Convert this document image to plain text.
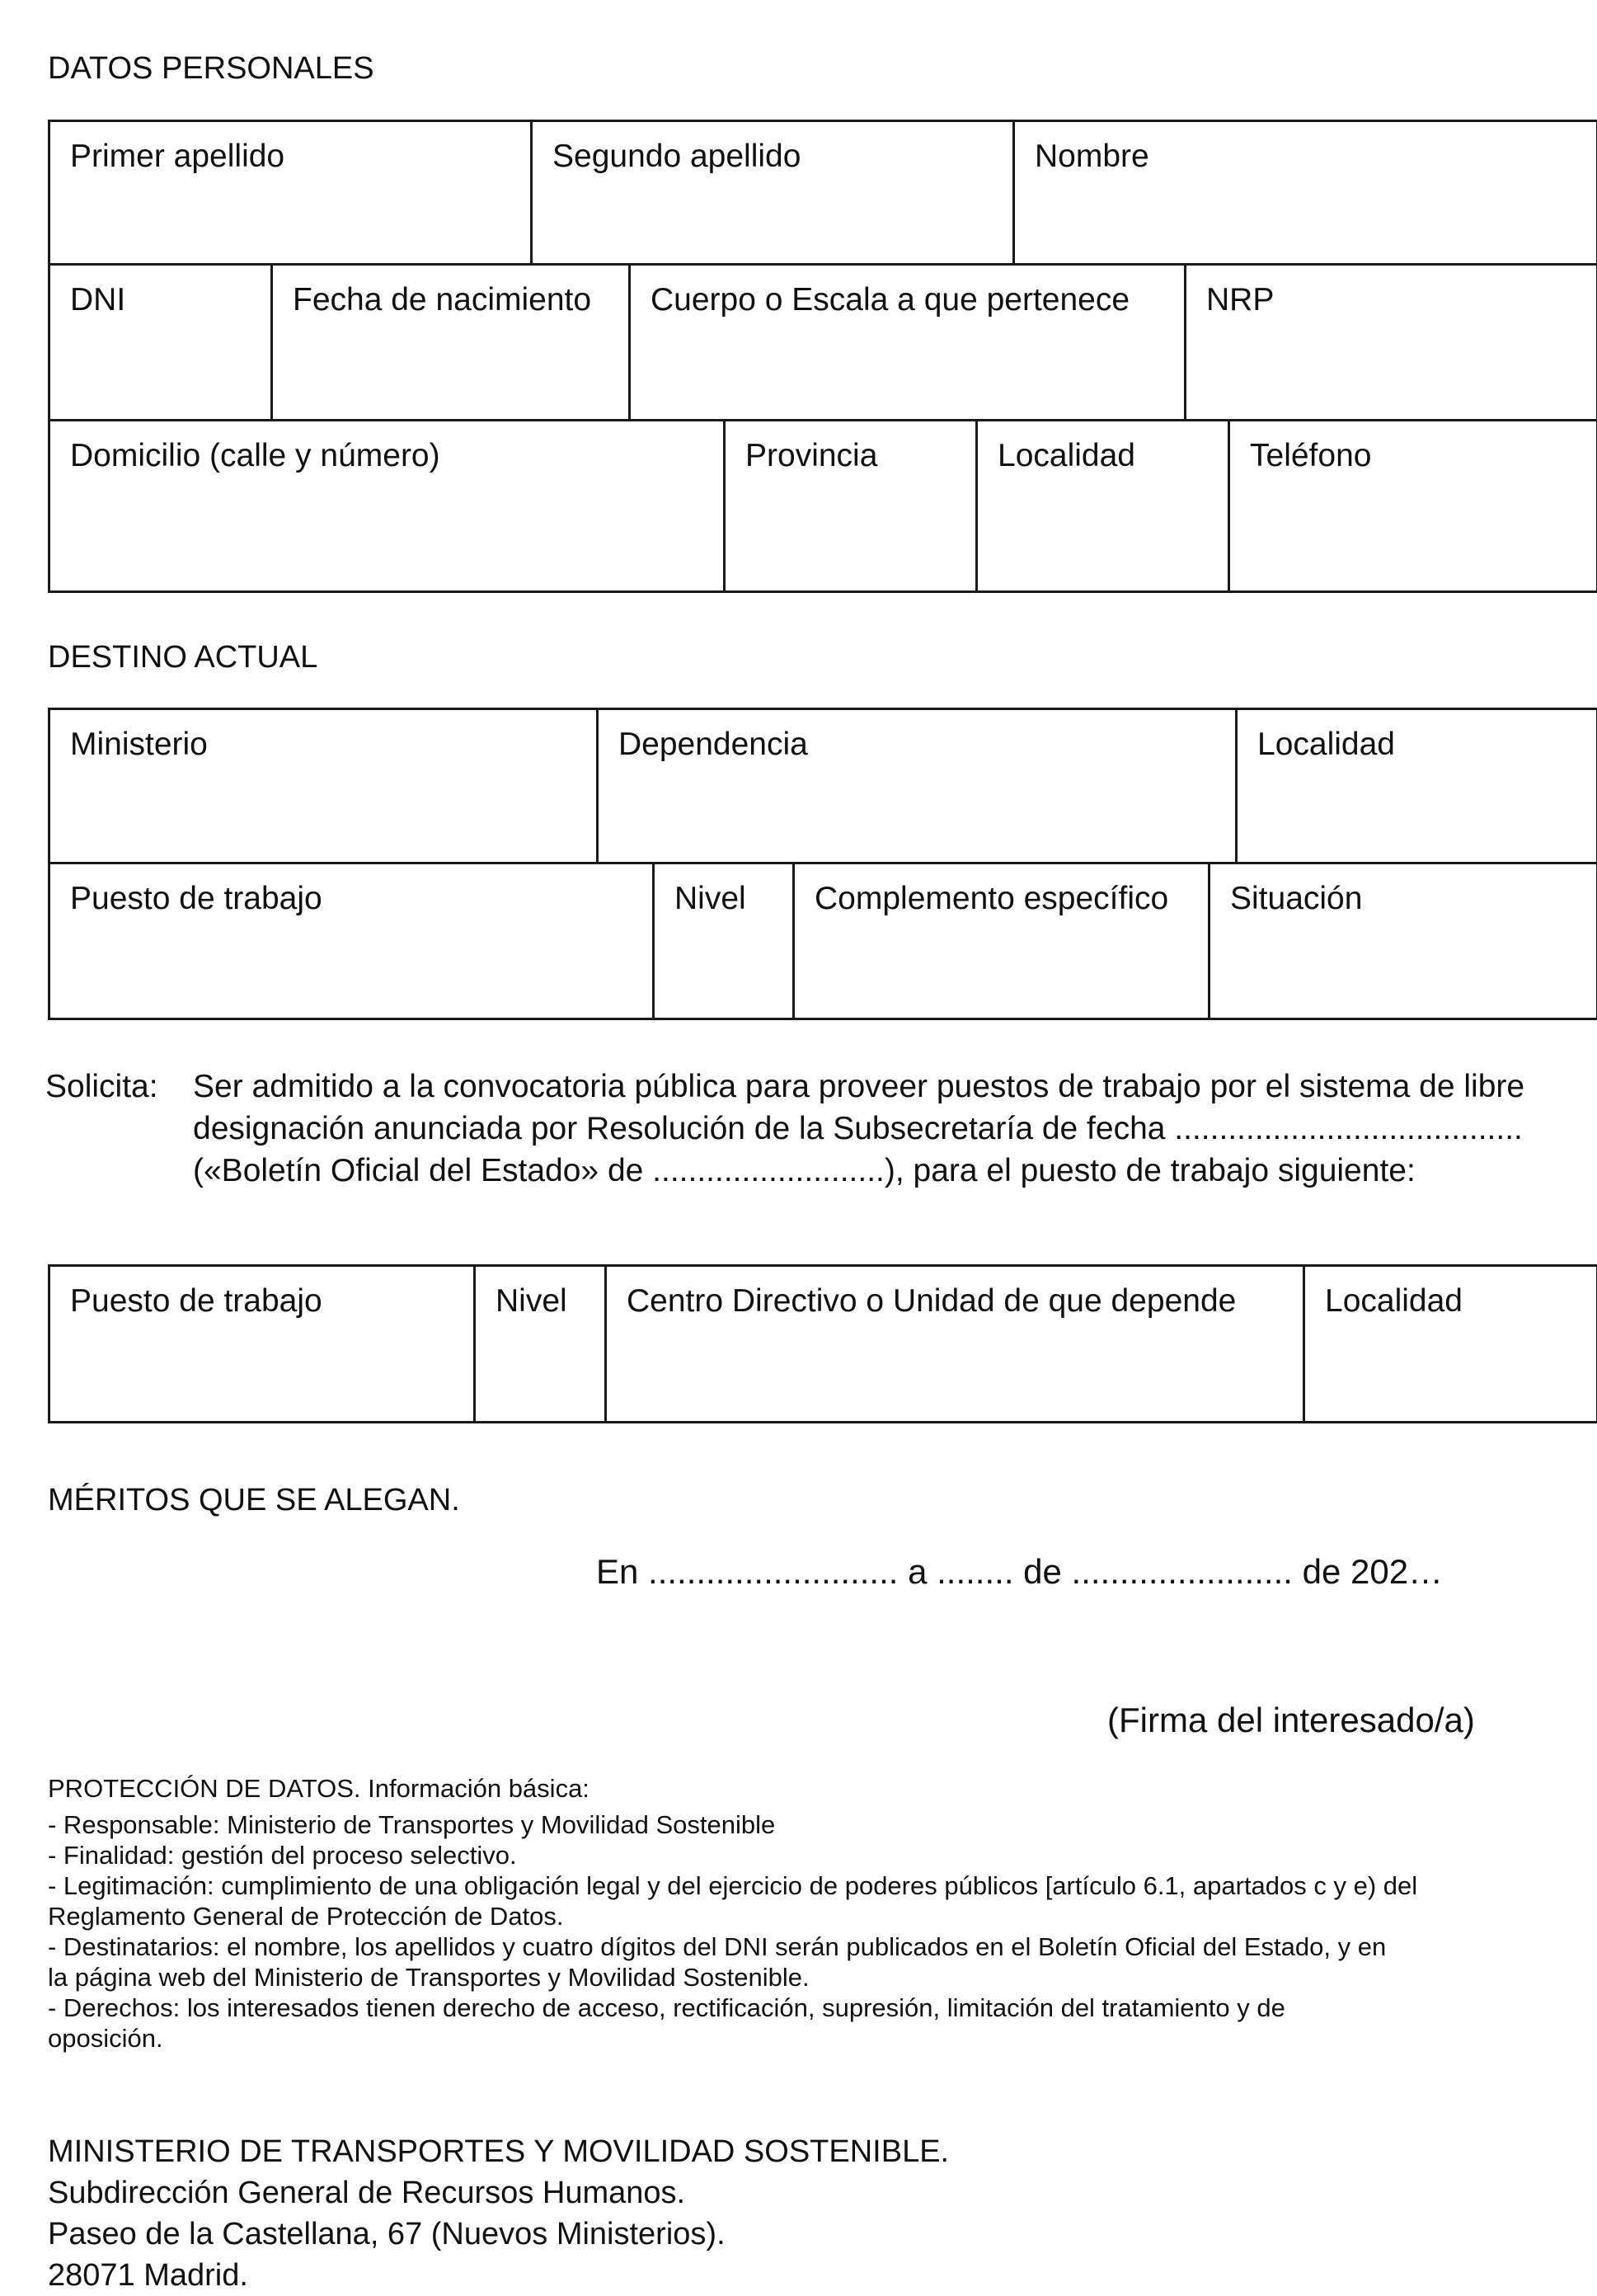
DATOS PERSONALES
Primer apellido	Segundo apellido	Nombre
DNI	Fecha de nacimiento	Cuerpo o Escala a que pertenece	NRP
Domicilio (calle y número)	Provincia	Localidad	Teléfono
DESTINO ACTUAL
Ministerio	Dependencia	Localidad
Puesto de trabajo	Nivel	Complemento específico	Situación
Solicita: Ser admitido a la convocatoria pública para proveer puestos de trabajo por el sistema de libre
designación anunciada por Resolución de la Subsecretaría de fecha .......................................
(«Boletín Oficial del Estado» de ..........................), para el puesto de trabajo siguiente:
Puesto de trabajo	Nivel	Centro Directivo o Unidad de que depende	Localidad
MÉRITOS QUE SE ALEGAN.
En .......................... a ........ de ....................... de 202…
(Firma del interesado/a)
PROTECCIÓN DE DATOS. Información básica:
- Responsable: Ministerio de Transportes y Movilidad Sostenible
- Finalidad: gestión del proceso selectivo.
- Legitimación: cumplimiento de una obligación legal y del ejercicio de poderes públicos [artículo 6.1, apartados c y e) del
Reglamento General de Protección de Datos.
- Destinatarios: el nombre, los apellidos y cuatro dígitos del DNI serán publicados en el Boletín Oficial del Estado, y en
la página web del Ministerio de Transportes y Movilidad Sostenible.
- Derechos: los interesados tienen derecho de acceso, rectificación, supresión, limitación del tratamiento y de
oposición.
MINISTERIO DE TRANSPORTES Y MOVILIDAD SOSTENIBLE.
Subdirección General de Recursos Humanos.
Paseo de la Castellana, 67 (Nuevos Ministerios).
28071 Madrid.
